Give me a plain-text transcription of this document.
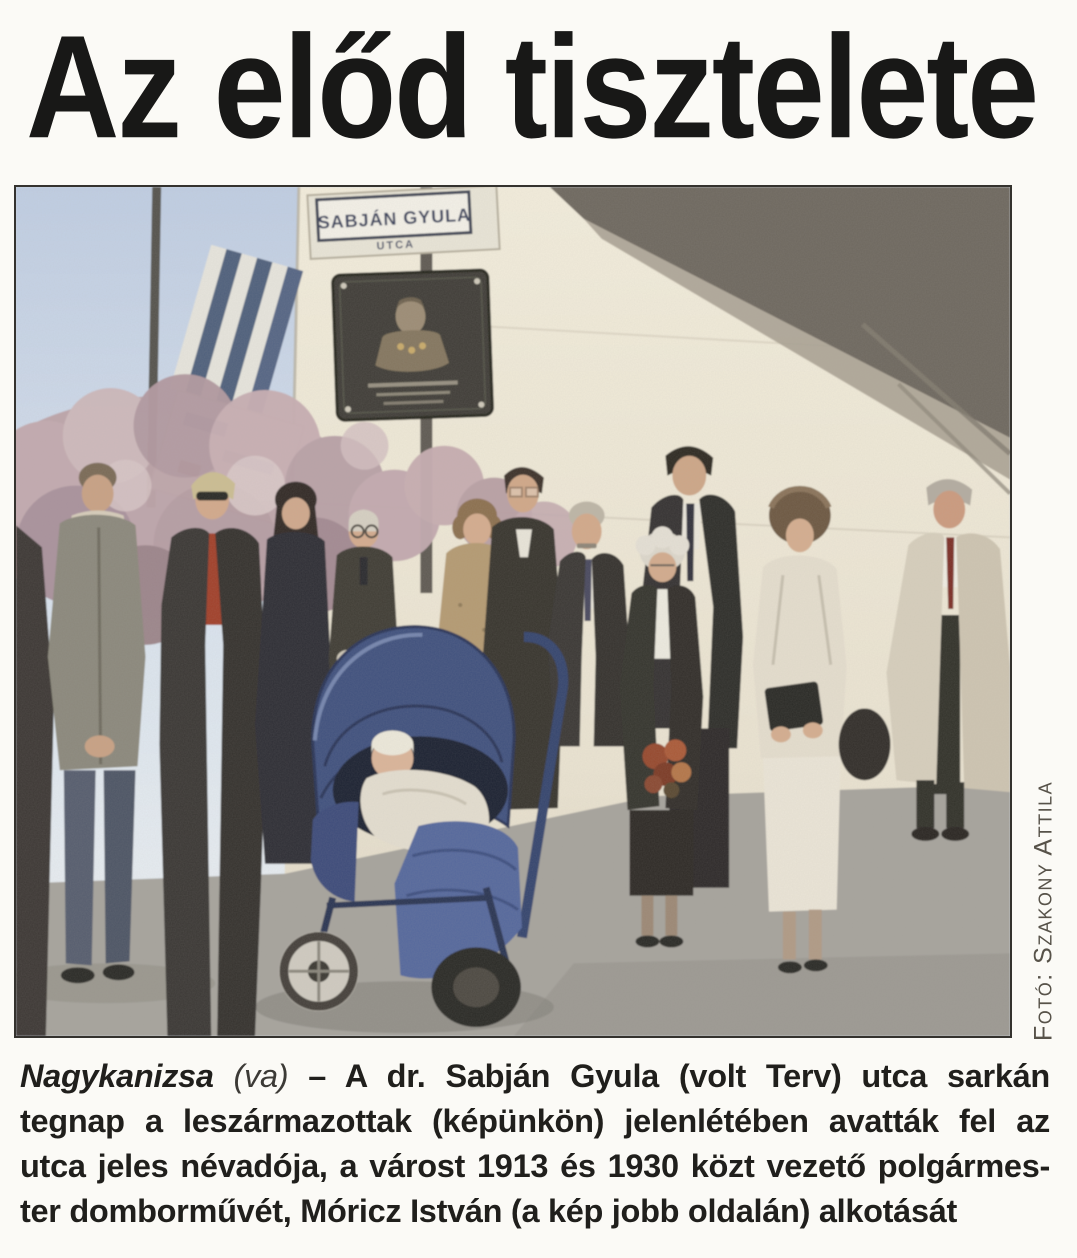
Az előd tisztelete
Fotó: Szakony Attila
Nagykanizsa (va) – A dr. Sabján Gyula (volt Terv) utca sarkán
tegnap a leszármazottak (képünkön) jelenlétében avatták fel az
utca jeles névadója, a várost 1913 és 1930 közt vezető polgármes-
ter domborművét, Móricz István (a kép jobb oldalán) alkotását
